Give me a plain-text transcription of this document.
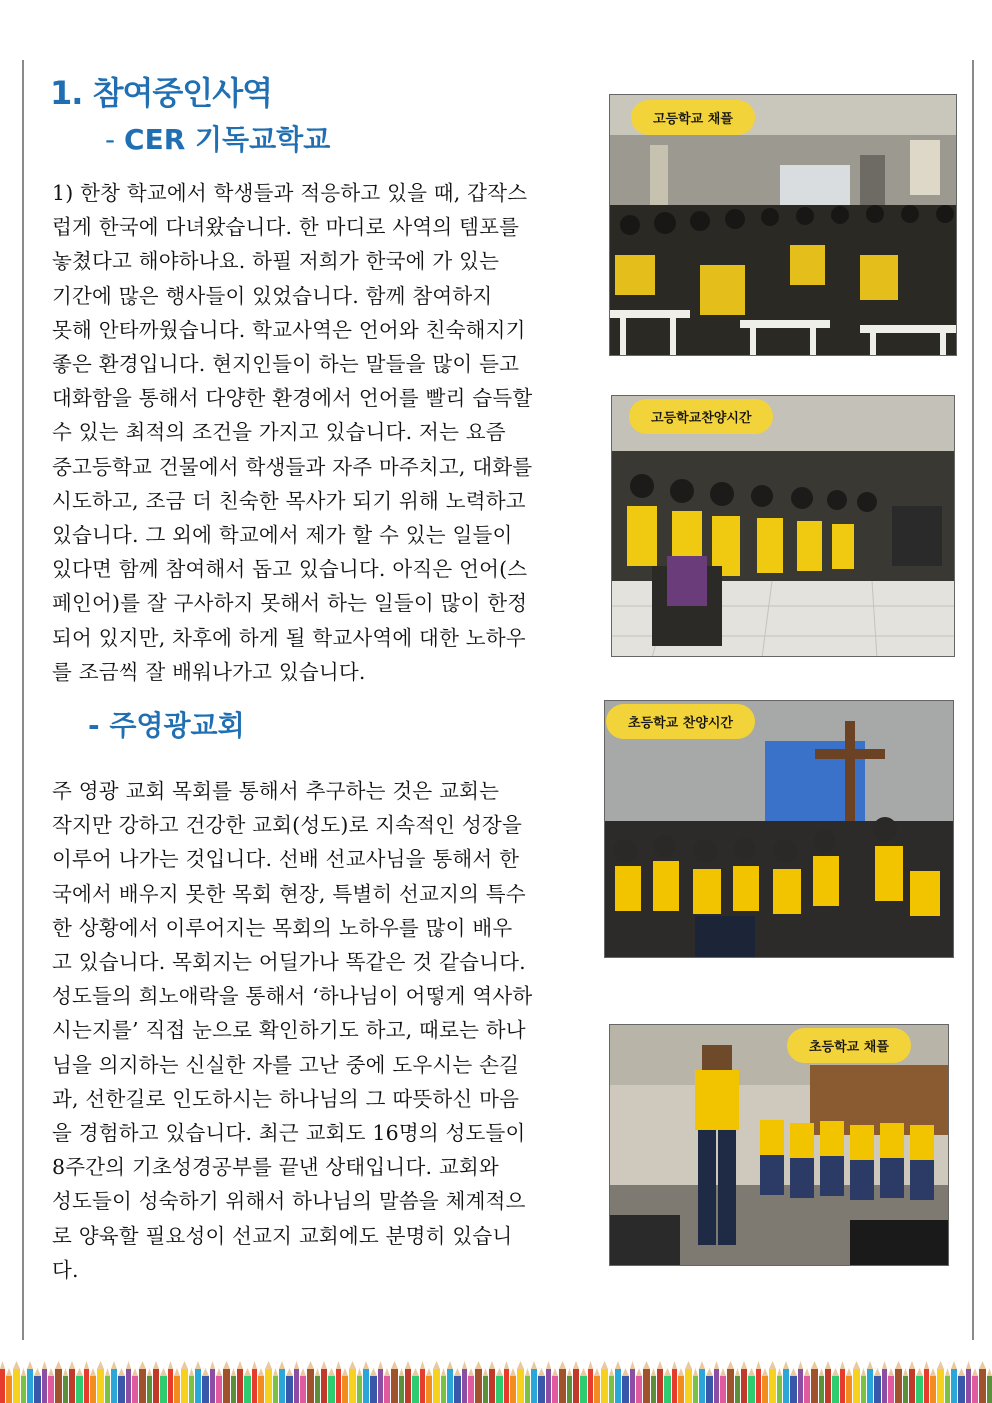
1. 참여중인사역
- CER 기독교학교
1) 한창 학교에서 학생들과 적응하고 있을 때, 갑작스
럽게 한국에 다녀왔습니다. 한 마디로 사역의 템포를
놓쳤다고 해야하나요. 하필 저희가 한국에 가 있는
기간에 많은 행사들이 있었습니다. 함께 참여하지
못해 안타까웠습니다. 학교사역은 언어와 친숙해지기
좋은 환경입니다. 현지인들이 하는 말들을 많이 듣고
대화함을 통해서 다양한 환경에서 언어를 빨리 습득할
수 있는 최적의 조건을 가지고 있습니다. 저는 요즘
중고등학교 건물에서 학생들과 자주 마주치고, 대화를
시도하고, 조금 더 친숙한 목사가 되기 위해 노력하고
있습니다. 그 외에 학교에서 제가 할 수 있는 일들이
있다면 함께 참여해서 돕고 있습니다. 아직은 언어(스
페인어)를 잘 구사하지 못해서 하는 일들이 많이 한정
되어 있지만, 차후에 하게 될 학교사역에 대한 노하우
를 조금씩 잘 배워나가고 있습니다.
- 주영광교회
주 영광 교회 목회를 통해서 추구하는 것은 교회는
작지만 강하고 건강한 교회(성도)로 지속적인 성장을
이루어 나가는 것입니다. 선배 선교사님을 통해서 한
국에서 배우지 못한 목회 현장, 특별히 선교지의 특수
한 상황에서 이루어지는 목회의 노하우를 많이 배우
고 있습니다. 목회지는 어딜가나 똑같은 것 같습니다.
성도들의 희노애락을 통해서 ‘하나님이 어떻게 역사하
시는지를’ 직접 눈으로 확인하기도 하고, 때로는 하나
님을 의지하는 신실한 자를 고난 중에 도우시는 손길
과, 선한길로 인도하시는 하나님의 그 따뜻하신 마음
을 경험하고 있습니다. 최근 교회도 16명의 성도들이
8주간의 기초성경공부를 끝낸 상태입니다. 교회와
성도들이 성숙하기 위해서 하나님의 말씀을 체계적으
로 양육할 필요성이 선교지 교회에도 분명히 있습니
다.
고등학교 채플
고등학교찬양시간
초등학교 찬양시간
초등학교 채플
